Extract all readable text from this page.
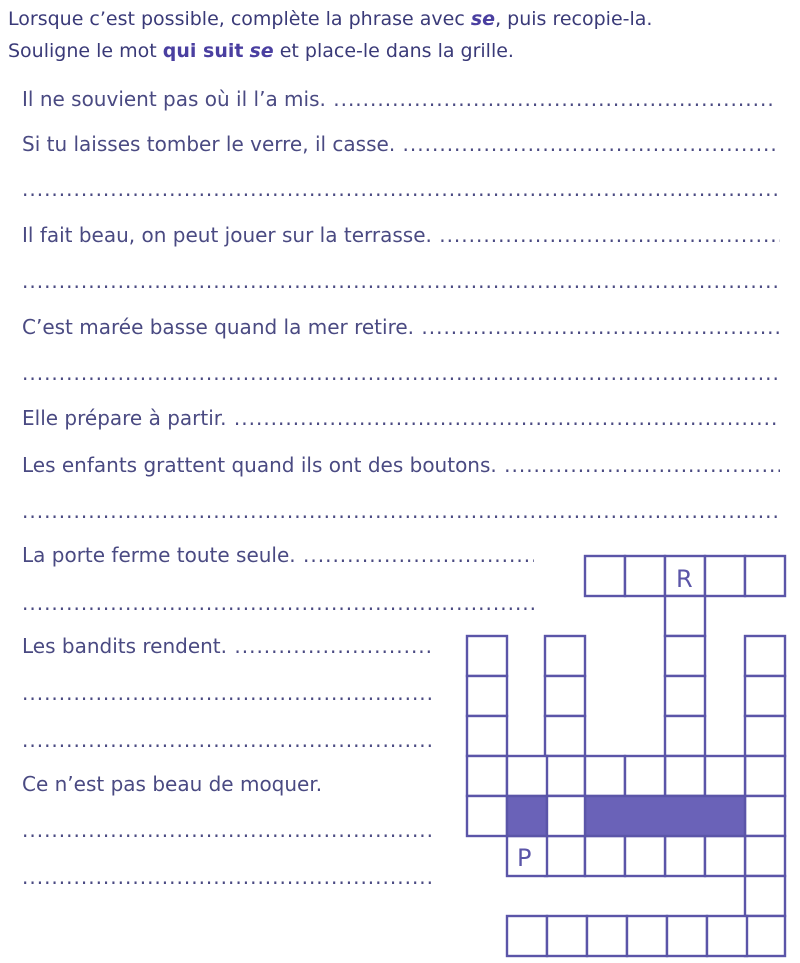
Lorsque c’est possible, complète la phrase avec se, puis recopie-la.
Souligne le mot qui suit se et place-le dans la grille.
Il ne souvient pas où il l’a mis. .....
Si tu laisses tomber le verre, il casse. .....
.....
Il fait beau, on peut jouer sur la terrasse. .....
.....
C’est marée basse quand la mer retire. .....
.....
Elle prépare à partir. .....
Les enfants grattent quand ils ont des boutons. .....
.....
La porte ferme toute seule. .....
.....
Les bandits rendent. .....
.....
.....
Ce n’est pas beau de moquer.
.....
.....
R
P
